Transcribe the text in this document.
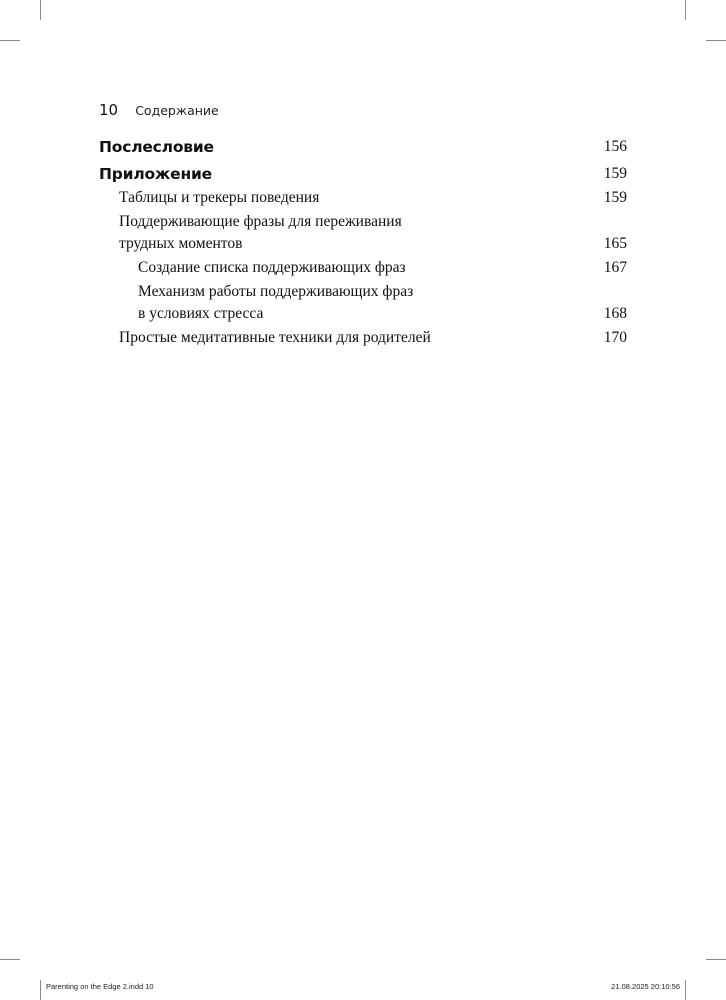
10 Содержание
Послесловие	156
Приложение	159
Таблицы и трекеры поведения	159
Поддерживающие фразы для переживания
трудных моментов	165
Создание списка поддерживающих фраз	167
Механизм работы поддерживающих фраз
в условиях стресса	168
Простые медитативные техники для родителей	170
Parenting on the Edge 2.indd 10	21.08.2025 20:10:56
